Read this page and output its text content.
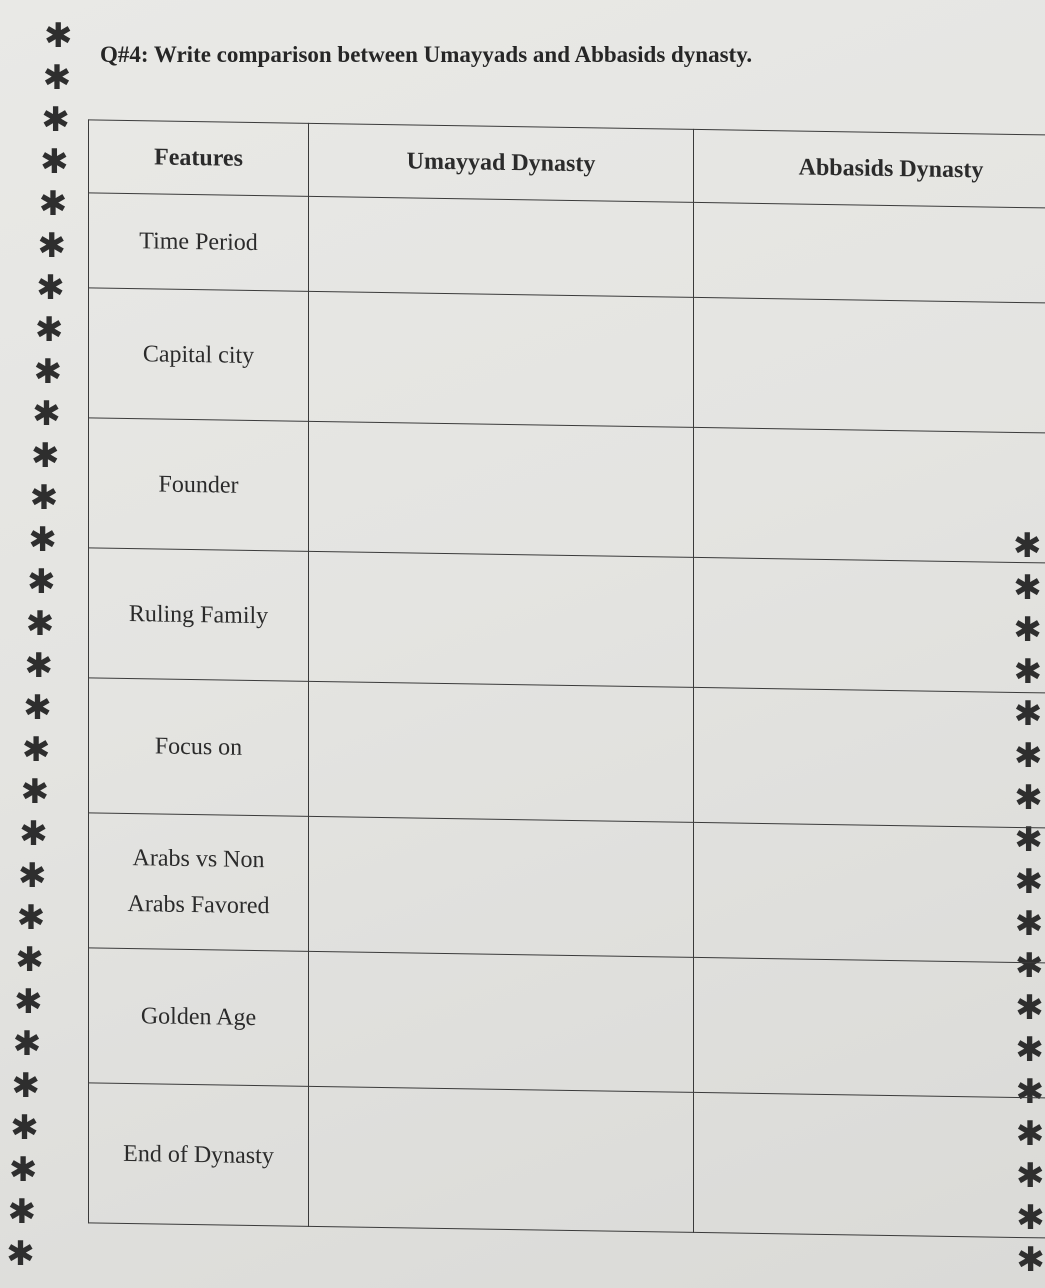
✱
✱
✱
✱
✱
✱
✱
✱
✱
✱
✱
✱
✱
✱
✱
✱
✱
✱
✱
✱
✱
✱
✱
✱
✱
✱
✱
✱
✱
✱
✱
✱
✱
✱
✱
✱
✱
✱
✱
✱
✱
✱
✱
✱
✱
✱
✱
✱
Q#4: Write comparison between Umayyads and Abbasids dynasty.
Features	Umayyad Dynasty	Abbasids Dynasty

Time Period		

Capital city		

Founder		

Ruling Family		

Focus on		

Arabs vs Non
Arabs Favored		

Golden Age		

End of Dynasty		
